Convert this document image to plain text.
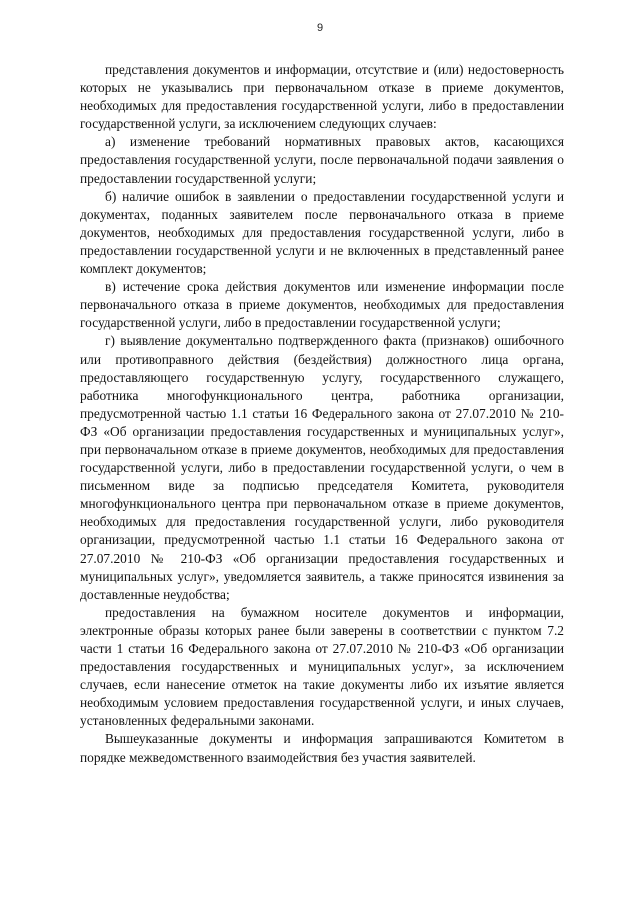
9

представления документов и информации, отсутствие и (или) недостоверность которых не указывались при первоначальном отказе в приеме документов, необходимых для предоставления государственной услуги, либо в предоставлении государственной услуги, за исключением следующих случаев:

а) изменение требований нормативных правовых актов, касающихся предоставления государственной услуги, после первоначальной подачи заявления о предоставлении государственной услуги;

б) наличие ошибок в заявлении о предоставлении государственной услуги и документах, поданных заявителем после первоначального отказа в приеме документов, необходимых для предоставления государственной услуги, либо в предоставлении государственной услуги и не включенных в представленный ранее комплект документов;

в) истечение срока действия документов или изменение информации после первоначального отказа в приеме документов, необходимых для предоставления государственной услуги, либо в предоставлении государственной услуги;

г) выявление документально подтвержденного факта (признаков) ошибочного или противоправного действия (бездействия) должностного лица органа, предоставляющего государственную услугу, государственного служащего, работника многофункционального центра, работника организации, предусмотренной частью 1.1 статьи 16 Федерального закона от 27.07.2010 № 210-ФЗ «Об организации предоставления государственных и муниципальных услуг», при первоначальном отказе в приеме документов, необходимых для предоставления государственной услуги, либо в предоставлении государственной услуги, о чем в письменном виде за подписью председателя Комитета, руководителя многофункционального центра при первоначальном отказе в приеме документов, необходимых для предоставления государственной услуги, либо руководителя организации, предусмотренной частью 1.1 статьи 16 Федерального закона от 27.07.2010 № 210-ФЗ «Об организации предоставления государственных и муниципальных услуг», уведомляется заявитель, а также приносятся извинения за доставленные неудобства;

предоставления на бумажном носителе документов и информации, электронные образы которых ранее были заверены в соответствии с пунктом 7.2 части 1 статьи 16 Федерального закона от 27.07.2010 № 210-ФЗ «Об организации предоставления государственных и муниципальных услуг», за исключением случаев, если нанесение отметок на такие документы либо их изъятие является необходимым условием предоставления государственной услуги, и иных случаев, установленных федеральными законами.

Вышеуказанные документы и информация запрашиваются Комитетом в порядке межведомственного взаимодействия без участия заявителей.
